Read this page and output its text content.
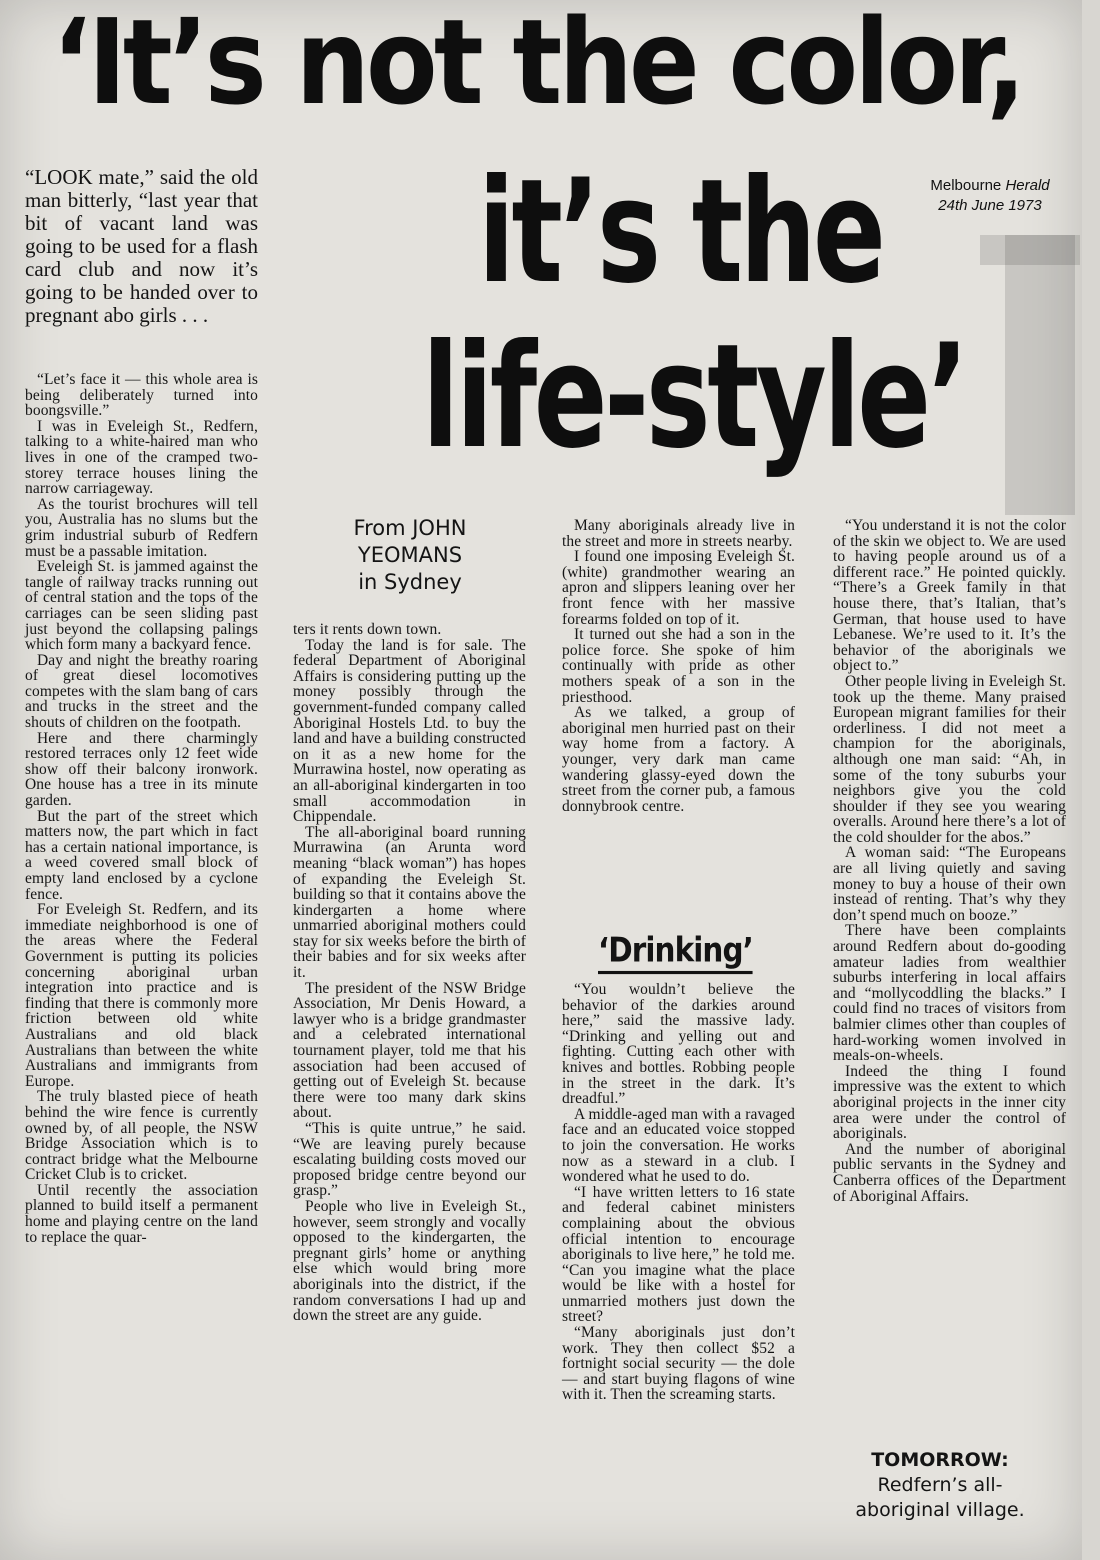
‘It’s not the color,
it’s the
life-style’
Melbourne Herald
24th June 1973

“LOOK mate,” said the old man bitterly, “last year that bit of vacant land was going to be used for a flash card club and now it’s going to be handed over to pregnant abo girls . . .

“Let’s face it — this whole area is being deliberately turned into boongsville.”

I was in Eveleigh St., Redfern, talking to a white-haired man who lives in one of the cramped two-storey terrace houses lining the narrow carriageway.

As the tourist brochures will tell you, Australia has no slums but the grim industrial suburb of Redfern must be a passable imitation.

Eveleigh St. is jammed against the tangle of railway tracks running out of central station and the tops of the carriages can be seen sliding past just beyond the collapsing palings which form many a backyard fence.

Day and night the breathy roaring of great diesel locomotives competes with the slam bang of cars and trucks in the street and the shouts of children on the footpath.

Here and there charmingly restored terraces only 12 feet wide show off their balcony ironwork. One house has a tree in its minute garden.

But the part of the street which matters now, the part which in fact has a certain national importance, is a weed covered small block of empty land enclosed by a cyclone fence.

For Eveleigh St. Redfern, and its immediate neighborhood is one of the areas where the Federal Government is putting its policies concerning aboriginal urban integration into practice and is finding that there is commonly more friction between old white Australians and old black Australians than between the white Australians and immigrants from Europe.

The truly blasted piece of heath behind the wire fence is currently owned by, of all people, the NSW Bridge Association which is to contract bridge what the Melbourne Cricket Club is to cricket.

Until recently the association planned to build itself a permanent home and playing centre on the land to replace the quar-

From JOHN
YEOMANS
in Sydney

ters it rents down town.

Today the land is for sale. The federal Department of Aboriginal Affairs is considering putting up the money possibly through the government-funded company called Aboriginal Hostels Ltd. to buy the land and have a building constructed on it as a new home for the Murrawina hostel, now operating as an all-aboriginal kindergarten in too small accommodation in Chippendale.

The all-aboriginal board running Murrawina (an Arunta word meaning “black woman”) has hopes of expanding the Eveleigh St. building so that it contains above the kindergarten a home where unmarried aboriginal mothers could stay for six weeks before the birth of their babies and for six weeks after it.

The president of the NSW Bridge Association, Mr Denis Howard, a lawyer who is a bridge grandmaster and a celebrated international tournament player, told me that his association had been accused of getting out of Eveleigh St. because there were too many dark skins about.

“This is quite untrue,” he said. “We are leaving purely because escalating building costs moved our proposed bridge centre beyond our grasp.”

People who live in Eveleigh St., however, seem strongly and vocally opposed to the kindergarten, the pregnant girls’ home or anything else which would bring more aboriginals into the district, if the random conversations I had up and down the street are any guide.

Many aboriginals already live in the street and more in streets nearby.

I found one imposing Eveleigh St. (white) grandmother wearing an apron and slippers leaning over her front fence with her massive forearms folded on top of it.

It turned out she had a son in the police force. She spoke of him continually with pride as other mothers speak of a son in the priesthood.

As we talked, a group of aboriginal men hurried past on their way home from a factory. A younger, very dark man came wandering glassy-eyed down the street from the corner pub, a famous donnybrook centre.

“You wouldn’t believe the behavior of the darkies around here,” said the massive lady. “Drinking and yelling out and fighting. Cutting each other with knives and bottles. Robbing people in the street in the dark. It’s dreadful.”

A middle-aged man with a ravaged face and an educated voice stopped to join the conversation. He works now as a steward in a club. I wondered what he used to do.

“I have written letters to 16 state and federal cabinet ministers complaining about the obvious official intention to encourage aboriginals to live here,” he told me. “Can you imagine what the place would be like with a hostel for unmarried mothers just down the street?

“Many aboriginals just don’t work. They then collect $52 a fortnight social security — the dole — and start buying flagons of wine with it. Then the screaming starts.

‘Drinking’

“You understand it is not the color of the skin we object to. We are used to having people around us of a different race.” He pointed quickly. “There’s a Greek family in that house there, that’s Italian, that’s German, that house used to have Lebanese. We’re used to it. It’s the behavior of the aboriginals we object to.”

Other people living in Eveleigh St. took up the theme. Many praised European migrant families for their orderliness. I did not meet a champion for the aboriginals, although one man said: “Ah, in some of the tony suburbs your neighbors give you the cold shoulder if they see you wearing overalls. Around here there’s a lot of the cold shoulder for the abos.”

A woman said: “The Europeans are all living quietly and saving money to buy a house of their own instead of renting. That’s why they don’t spend much on booze.”

There have been complaints around Redfern about do-gooding amateur ladies from wealthier suburbs interfering in local affairs and “mollycoddling the blacks.” I could find no traces of visitors from balmier climes other than couples of hard-working women involved in meals-on-wheels.

Indeed the thing I found impressive was the extent to which aboriginal projects in the inner city area were under the control of aboriginals.

And the number of aboriginal public servants in the Sydney and Canberra offices of the Department of Aboriginal Affairs.

TOMORROW:
Redfern’s all-aboriginal village.
